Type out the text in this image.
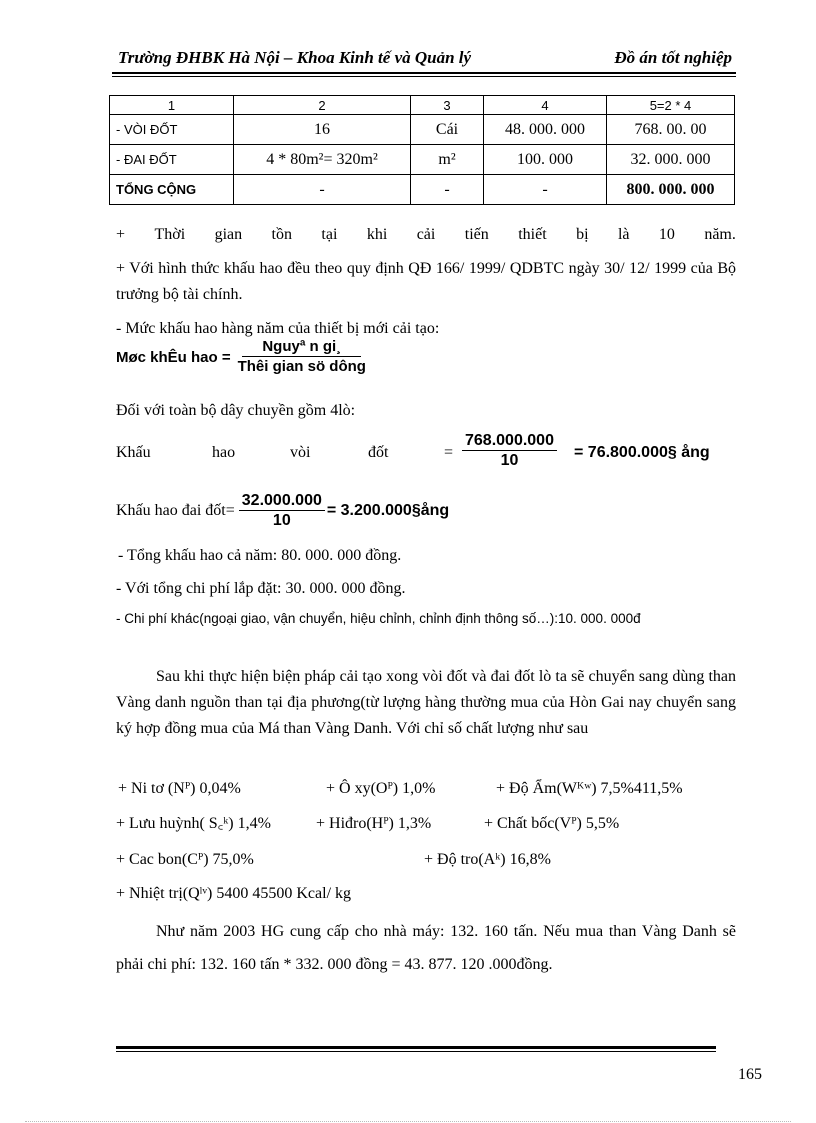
Trường ĐHBK Hà Nội – Khoa Kinh tế và Quản lý	Đồ án tốt nghiệp
1	2	3	4	5=2 * 4
- VÒI ĐỐT	16	Cái	48. 000. 000	768. 00. 00
- ĐAI ĐỐT	4 * 80m²= 320m²	m²	100. 000	32. 000. 000
TỔNG CỘNG	-	-	-	800. 000. 000
+ Thời gian tồn tại khi cải tiến thiết bị là 10 năm.
+ Với hình thức khấu hao đều theo quy định QĐ 166/ 1999/ QDBTC ngày 30/ 12/ 1999 của Bộ trưởng bộ tài chính.
- Mức khấu hao hàng năm của thiết bị mới cải tạo:
Møc khÊu hao = $\frac{\text{Nguyª n gi¸}}{\text{Thêi gian sö dông}}$
Đối với toàn bộ dây chuyền gồm 4lò:
Khấu	hao	vòi	đốt	= $\frac{768.000.000}{10}$ = 76.800.000§ ång
Khấu hao đai đốt= $\frac{32.000.000}{10}$ = 3.200.000§ång
- Tổng khấu hao cả năm: 80. 000. 000 đồng.
- Với tổng chi phí lắp đặt: 30. 000. 000 đồng.
- Chi phí khác(ngoại giao, vận chuyển, hiệu chỉnh, chỉnh định thông số…):10. 000. 000đ
Sau khi thực hiện biện pháp cải tạo xong vòi đốt và đai đốt lò ta sẽ chuyển sang dùng than Vàng danh nguồn than tại địa phương(từ lượng hàng thường mua của Hòn Gai nay chuyển sang ký hợp đồng mua của Má than Vàng Danh. Với chỉ số chất lượng như sau
+ Ni tơ (Nᴾ) 0,04%	+ Ô xy(Oᴾ) 1,0%	+ Độ Ẩm(Wᴷʷ) 7,5%411,5%
+ Lưu huỳnh( S꜀ᵏ) 1,4%	+ Hiđro(Hᴾ) 1,3%	+ Chất bốc(Vᴾ) 5,5%
+ Cac bon(Cᴾ) 75,0%	+ Độ tro(Aᵏ) 16,8%
+ Nhiệt trị(Qˡᵛ) 5400 45500 Kcal/ kg
Như năm 2003 HG cung cấp cho nhà máy: 132. 160 tấn. Nếu mua than Vàng Danh sẽ phải chi phí: 132. 160 tấn * 332. 000 đồng = 43. 877. 120 .000đồng.
165
